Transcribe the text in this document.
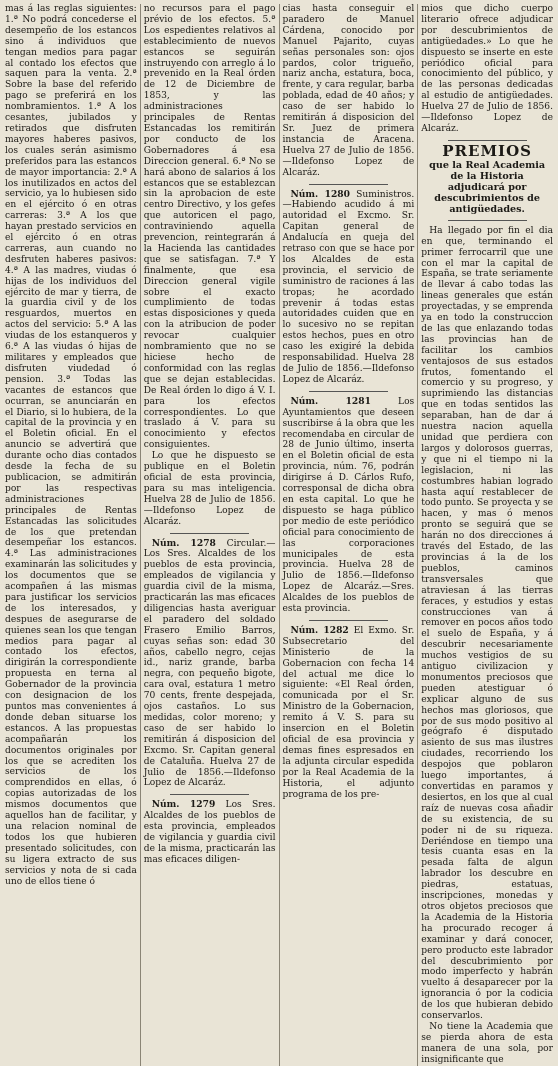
mas á las reglas siguientes: 1.ª No podrá concederse el desempeño de los estancos sino á individuos que tengan medios para pagar al contado los efectos que saquen para la venta. 2.ª Sobre la base del referido pago se preferirá en los nombramientos. 1.ª A los cesantes, jubilados y retirados que disfruten mayores haberes pasivos, los cuales serán asimismo preferidos para las estancos de mayor importancia: 2.ª A los inutilizados en actos del servicio, ya lo hubiesen sido en el ejército ó en otras carreras: 3.ª A los que hayan prestado servicios en el ejército ó en otras carreras, aun cuando no desfruten haberes pasivos: 4.ª A las madres, viudas ó hijas de los individuos del ejército de mar y tierra, de la guardia civil y de los resguardos, muertos en actos del servicio: 5.ª A las viudas de los estanqueros y 6.ª A las viudas ó hijas de militares y empleados que disfruten viudedad ó pension. 3.ª Todas las vacantes de estancos que ocurran, se anunciarán en el Diario, si lo hubiera, de la capital de la provincia y en el Boletin oficial. En el anuncio se advertirá que durante ocho dias contados desde la fecha de su publicacion, se admitirán por las respectivas administraciones principales de Rentas Estancadas las solicitudes de los que pretendan desempeñar los estancos. 4.ª Las administraciones examinarán las solicitudes y los documentos que se acompañen á las mismas para justificar los servicios de los interesados, y despues de asegurarse de quienes sean los que tengan medios para pagar al contado los efectos, dirigirán la correspondiente propuesta en terna al Gobernador de la provincia con designacion de los puntos mas convenientes á donde deban situarse los estancos. A las propuestas acompañarán los documentos originales por los que se acrediten los servicios de los comprendidos en ellas, ó copias autorizadas de los mismos documentos que aquellos han de facilitar, y una relacion nominal de todos los que hubieren presentado solicitudes, con su ligera extracto de sus servicios y nota de si cada uno de ellos tiene ó

no recursos para el pago prévio de los efectos. 5.ª Los espedientes relativos al establecimiento de nuevos estancos se seguirán instruyendo con arreglo á lo prevenido en la Real órden de 12 de Diciembre de 1853, y las administraciones principales de Rentas Estancadas los remitirán por conducto de los Gobernadores á esa Direccion general. 6.ª No se hará abono de salarios á los estancos que se establezcan sin la aprobacion de este centro Directivo, y los gefes que autoricen el pago, contraviniendo aquella prevencion, reintegrarán á la Hacienda las cantidades que se satisfagan. 7.ª Y finalmente, que esa Direccion general vigile sobre el exacto cumplimiento de todas estas disposiciones y queda con la atribucion de poder revocar cualquier nombramiento que no se hiciese hecho de conformidad con las reglas que se dejan establecidas. De Real órden lo digo á V. I. para los efectos correspondientes. Lo que traslado á V. para su conocimiento y efectos consiguientes.

Lo que he dispuesto se publique en el Boletin oficial de esta provincia, para su mas inteligencia. Huelva 28 de Julio de 1856.—Ildefonso Lopez de Alcaráz.

Núm. 1278 Circular.—Los Sres. Alcaldes de los pueblos de esta provincia, empleados de vigilancia y guardia civil de la misma, practicarán las mas eficaces diligencias hasta averiguar el paradero del soldado Frasero Emilio Barros, cuyas señas son: edad 30 años, cabello negro, cejas id., nariz grande, barba negra, con pequeño bigote, cara oval, estatura 1 metro 70 cents, frente despejada, ojos castaños. Lo sus medidas, color moreno; y caso de ser habido lo remitirán á disposicion del Excmo. Sr. Capitan general de Cataluña. Huelva 27 de Julio de 1856.—Ildefonso Lopez de Alcaráz.

Núm. 1279 Los Sres. Alcaldes de los pueblos de esta provincia, empleados de vigilancia y guardia civil de la misma, practicarán las mas eficaces diligen-

cias hasta conseguir el paradero de Manuel Cárdena, conocido por Manuel Pajarito, cuyas señas personales son: ojos pardos, color trigueño, nariz ancha, estatura, boca, frente, y cara regular, barba poblada, edad de 40 años; y caso de ser habido lo remitirán á disposicion del Sr. Juez de primera instancia de Aracena. Huelva 27 de Julio de 1856.—Ildefonso Lopez de Alcaráz.

Núm. 1280 Suministros.—Habiendo acudido á mi autoridad el Excmo. Sr. Capitan general de Andalucía en queja del retraso con que se hace por los Alcaldes de esta provincia, el servicio de suministro de raciones á las tropas; he acordado prevenir á todas estas autoridades cuiden que en lo sucesivo no se repitan estos hechos, pues en otro caso les exigiré la debida responsabilidad. Huelva 28 de Julio de 1856.—Ildefonso Lopez de Alcaráz.

Núm. 1281	Los Ayuntamientos que deseen suscribirse á la obra que les recomendaba en circular de 28 de Junio último, inserta en el Boletin oficial de esta provincia, núm. 76, podrán dirigirse á D. Cárlos Rufo, corresponsal de dicha obra en esta capital. Lo que he dispuesto se haga público por medio de este periódico oficial para conocimiento de las corporaciones municipales de esta provincia. Huelva 28 de Julio de 1856.—Ildefonso Lopez de Alcaráz.—Sres. Alcaldes de los pueblos de esta provincia.

Núm. 1282 El Exmo. Sr. Subsecretario del Ministerio de la Gobernacion con fecha 14 del actual me dice lo siguiente: «El Real órden, comunicada por el Sr. Ministro de la Gobernacion, remito á V. S. para su insercion en el Boletin oficial de esa provincia y demas fines espresados en la adjunta circular espedida por la Real Academia de la Historia, el adjunto programa de los pre-

mios que dicho cuerpo literario ofrece adjudicar por descubrimientos de antigüedades.» Lo que he dispuesto se inserte en este periódico oficial para conocimiento del público, y de las personas dedicadas al estudio de antigüedades. Huelva 27 de Julio de 1856.—Ildefonso Lopez de Alcaráz.

PREMIOS
que la Real Academia de la Historia adjudicará por descubrimientos de antigüedades.

Ha llegado por fin el dia en que, terminando el primer ferrocarril que une con el mar la capital de España, se trate seriamente de llevar á cabo todas las lineas generales que están proyectadas, y se emprenda ya en todo la construccion de las que enlazando todas las provincias han de facilitar los cambios ventajosos de sus estados frutos, fomentando el comercio y su progreso, y suprimiendo las distancias que en todas sentidos las separaban, han de dar á nuestra nacion aquella unidad que perdiera con largos y dolorosos guerras, y que ni el tiempo ni la legislacion, ni las costumbres habian logrado hasta aquí restablecer de todo punto. Se proyecta y se hacen, y mas ó menos pronto se seguirá que se harán no dos direcciones á través del Estado, de las provincias á la de los pueblos, caminos transversales que atraviesan á las tierras feraces, y estudios y estas construcciones van á remover en pocos años todo el suelo de España, y á descubrir necesariamente muchos vestigios de su antiguo civilizacion y monumentos preciosos que pueden atestiguar ó explicar alguno de sus hechos mas gloriosos, que por de sus modo positivo al geógrafo é disputado asiento de sus mas ilustres ciudades, recorriendo los despojos que poblaron luego importantes, á convertidas en paramos y desiertos, en los que al cual raíz de nuevas cosa añadir de su existencia, de su poder ni de su riqueza. Deriéndose en tiempo una tesis cuanta esas en la pesada falta de algun labrador los descubre en piedras, estatuas, inscripciones, monedas y otros objetos preciosos que la Academia de la Historia ha procurado recoger á examinar y dará conocer, pero producto este labrador del descubrimiento por modo imperfecto y habrán vuelto á desaparecer por la ignorancia ó por la codicia de los que hubieran debido conservarlos.

No tiene la Academia que se pierda ahora de esta manera de una sola, por insignificante que
